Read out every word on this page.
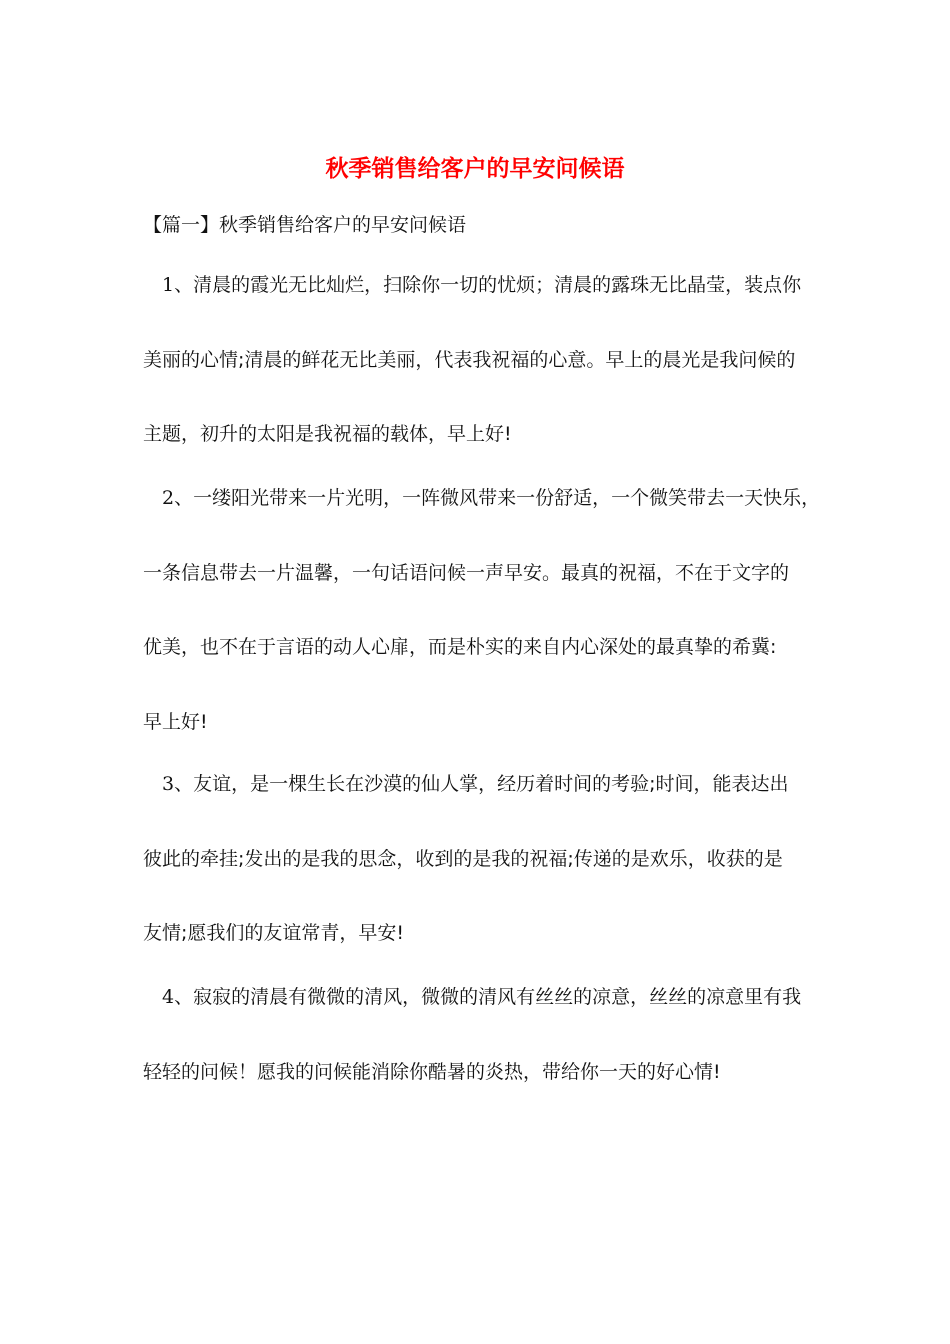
秋季销售给客户的早安问候语

【篇一】秋季销售给客户的早安问候语

1、清晨的霞光无比灿烂，扫除你一切的忧烦；清晨的露珠无比晶莹，装点你
美丽的心情;清晨的鲜花无比美丽，代表我祝福的心意。早上的晨光是我问候的
主题，初升的太阳是我祝福的载体，早上好!
2、一缕阳光带来一片光明，一阵微风带来一份舒适，一个微笑带去一天快乐，
一条信息带去一片温馨，一句话语问候一声早安。最真的祝福，不在于文字的
优美，也不在于言语的动人心扉，而是朴实的来自内心深处的最真挚的希冀:
早上好!
3、友谊，是一棵生长在沙漠的仙人掌，经历着时间的考验;时间，能表达出
彼此的牵挂;发出的是我的思念，收到的是我的祝福;传递的是欢乐，收获的是
友情;愿我们的友谊常青，早安!
4、寂寂的清晨有微微的清风，微微的清风有丝丝的凉意，丝丝的凉意里有我
轻轻的问候！愿我的问候能消除你酷暑的炎热，带给你一天的好心情!
